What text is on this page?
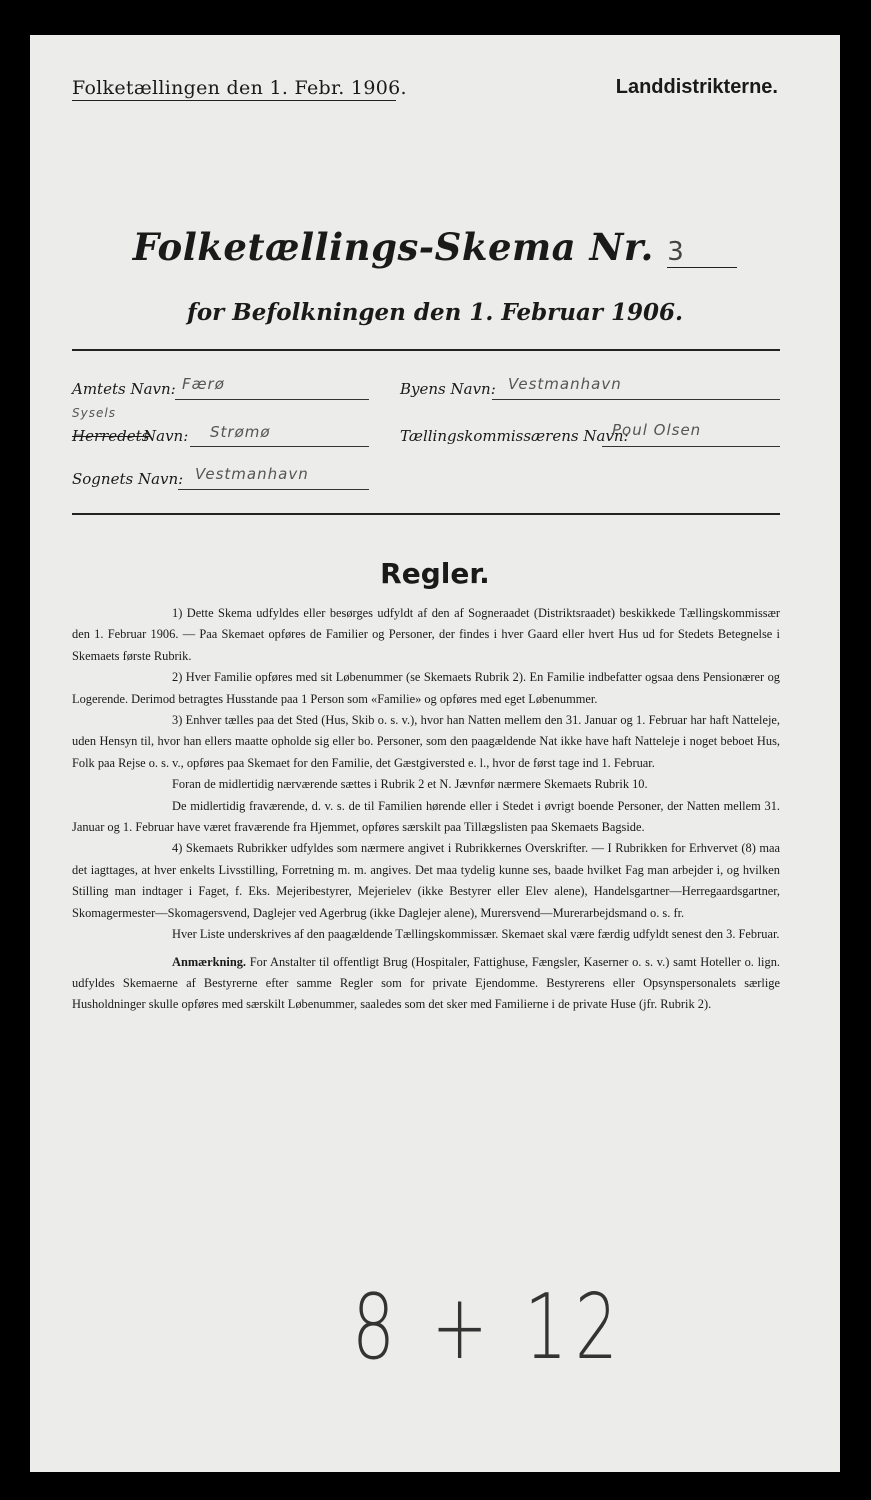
Folketællingen den 1. Febr. 1906.	Landdistrikterne.
Folketællings-Skema Nr. 3
for Befolkningen den 1. Februar 1906.
Amtets Navn: Færø	Byens Navn: Vestmanhavn
Sysels
Herredets
Navn: Strømø	Tællingskommissærens Navn:
Poul Olsen
Sognets Navn: Vestmanhavn
Regler.

1) Dette Skema udfyldes eller besørges udfyldt af den af Sogneraadet (Distriktsraadet) beskikkede Tællingskommissær den 1. Februar 1906. — Paa Skemaet opføres de Familier og Personer, der findes i hver Gaard eller hvert Hus ud for Stedets Betegnelse i Skemaets første Rubrik.

2) Hver Familie opføres med sit Løbenummer (se Skemaets Rubrik 2). En Familie indbefatter ogsaa dens Pensionærer og Logerende. Derimod betragtes Husstande paa 1 Person som «Familie» og opføres med eget Løbenummer.

3) Enhver tælles paa det Sted (Hus, Skib o. s. v.), hvor han Natten mellem den 31. Januar og 1. Februar har haft Natteleje, uden Hensyn til, hvor han ellers maatte opholde sig eller bo. Personer, som den paagældende Nat ikke have haft Natteleje i noget beboet Hus, Folk paa Rejse o. s. v., opføres paa Skemaet for den Familie, det Gæstgiversted e. l., hvor de først tage ind 1. Februar.

Foran de midlertidig nærværende sættes i Rubrik 2 et N. Jævnfør nærmere Skemaets Rubrik 10.

De midlertidig fraværende, d. v. s. de til Familien hørende eller i Stedet i øvrigt boende Personer, der Natten mellem 31. Januar og 1. Februar have været fraværende fra Hjemmet, opføres særskilt paa Tillægslisten paa Skemaets Bagside.

4) Skemaets Rubrikker udfyldes som nærmere angivet i Rubrikkernes Overskrifter. — I Rubrikken for Erhvervet (8) maa det iagttages, at hver enkelts Livsstilling, Forretning m. m. angives. Det maa tydelig kunne ses, baade hvilket Fag man arbejder i, og hvilken Stilling man indtager i Faget, f. Eks. Mejeribestyrer, Mejerielev (ikke Bestyrer eller Elev alene), Handelsgartner—Herregaardsgartner, Skomagermester—Skomagersvend, Daglejer ved Agerbrug (ikke Daglejer alene), Murersvend—Murerarbejdsmand o. s. fr.

Hver Liste underskrives af den paagældende Tællingskommissær. Skemaet skal være færdig udfyldt senest den 3. Februar.

Anmærkning. For Anstalter til offentligt Brug (Hospitaler, Fattighuse, Fængsler, Kaserner o. s. v.) samt Hoteller o. lign. udfyldes Skemaerne af Bestyrerne efter samme Regler som for private Ejendomme. Bestyrerens eller Opsynspersonalets særlige Husholdninger skulle opføres med særskilt Løbenummer, saaledes som det sker med Familierne i de private Huse (jfr. Rubrik 2).

8 + 12
